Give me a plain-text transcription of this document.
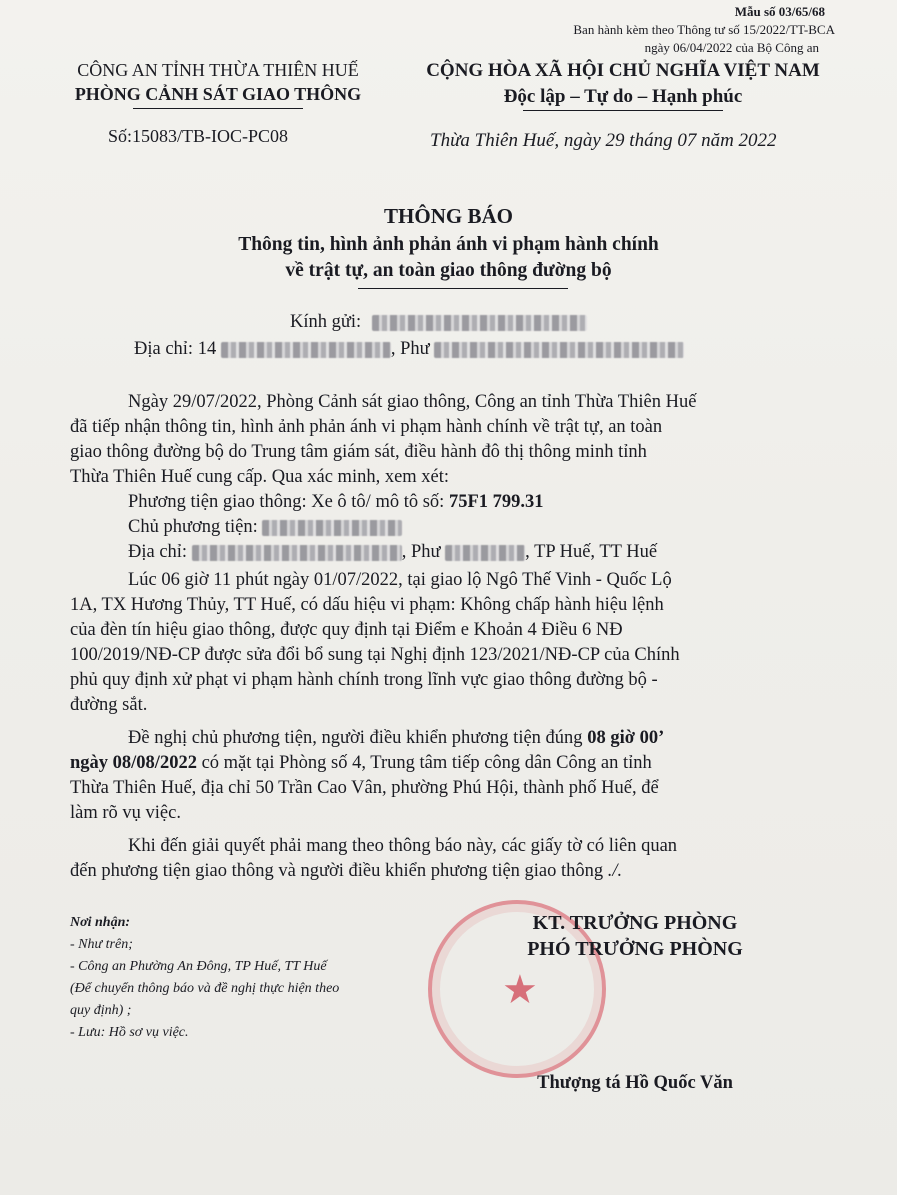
Mẫu số 03/65/68
Ban hành kèm theo Thông tư số 15/2022/TT-BCA
ngày 06/04/2022 của Bộ Công an
CÔNG AN TỈNH THỪA THIÊN HUẾ
PHÒNG CẢNH SÁT GIAO THÔNG
CỘNG HÒA XÃ HỘI CHỦ NGHĨA VIỆT NAM
Độc lập – Tự do – Hạnh phúc
Số:15083/TB-IOC-PC08	Thừa Thiên Huế, ngày 29 tháng 07 năm 2022
THÔNG BÁO
Thông tin, hình ảnh phản ánh vi phạm hành chính
về trật tự, an toàn giao thông đường bộ
Kính gửi:
Địa chỉ: 14	, Phư
Ngày 29/07/2022, Phòng Cảnh sát giao thông, Công an tỉnh Thừa Thiên Huế
đã tiếp nhận thông tin, hình ảnh phản ánh vi phạm hành chính về trật tự, an toàn
giao thông đường bộ do Trung tâm giám sát, điều hành đô thị thông minh tỉnh
Thừa Thiên Huế cung cấp. Qua xác minh, xem xét:
Phương tiện giao thông: Xe ô tô/ mô tô số: 75F1 799.31
Chủ phương tiện:
Địa chỉ:	, Phư	, TP Huế, TT Huế
Lúc 06 giờ 11 phút ngày 01/07/2022, tại giao lộ Ngô Thế Vinh - Quốc Lộ
1A, TX Hương Thủy, TT Huế, có dấu hiệu vi phạm: Không chấp hành hiệu lệnh
của đèn tín hiệu giao thông, được quy định tại Điểm e Khoản 4 Điều 6 NĐ
100/2019/NĐ-CP được sửa đổi bổ sung tại Nghị định 123/2021/NĐ-CP của Chính
phủ quy định xử phạt vi phạm hành chính trong lĩnh vực giao thông đường bộ -
đường sắt.
Đề nghị chủ phương tiện, người điều khiển phương tiện đúng 08 giờ 00’
ngày 08/08/2022 có mặt tại Phòng số 4, Trung tâm tiếp công dân Công an tỉnh
Thừa Thiên Huế, địa chỉ 50 Trần Cao Vân, phường Phú Hội, thành phố Huế, để
làm rõ vụ việc.
Khi đến giải quyết phải mang theo thông báo này, các giấy tờ có liên quan
đến phương tiện giao thông và người điều khiển phương tiện giao thông ./.
Nơi nhận:
- Như trên;
- Công an Phường An Đông, TP Huế, TT Huế
(Để chuyển thông báo và đề nghị thực hiện theo
quy định) ;
- Lưu: Hồ sơ vụ việc.
★
KT. TRƯỞNG PHÒNG
PHÓ TRƯỞNG PHÒNG
Thượng tá Hồ Quốc Văn
